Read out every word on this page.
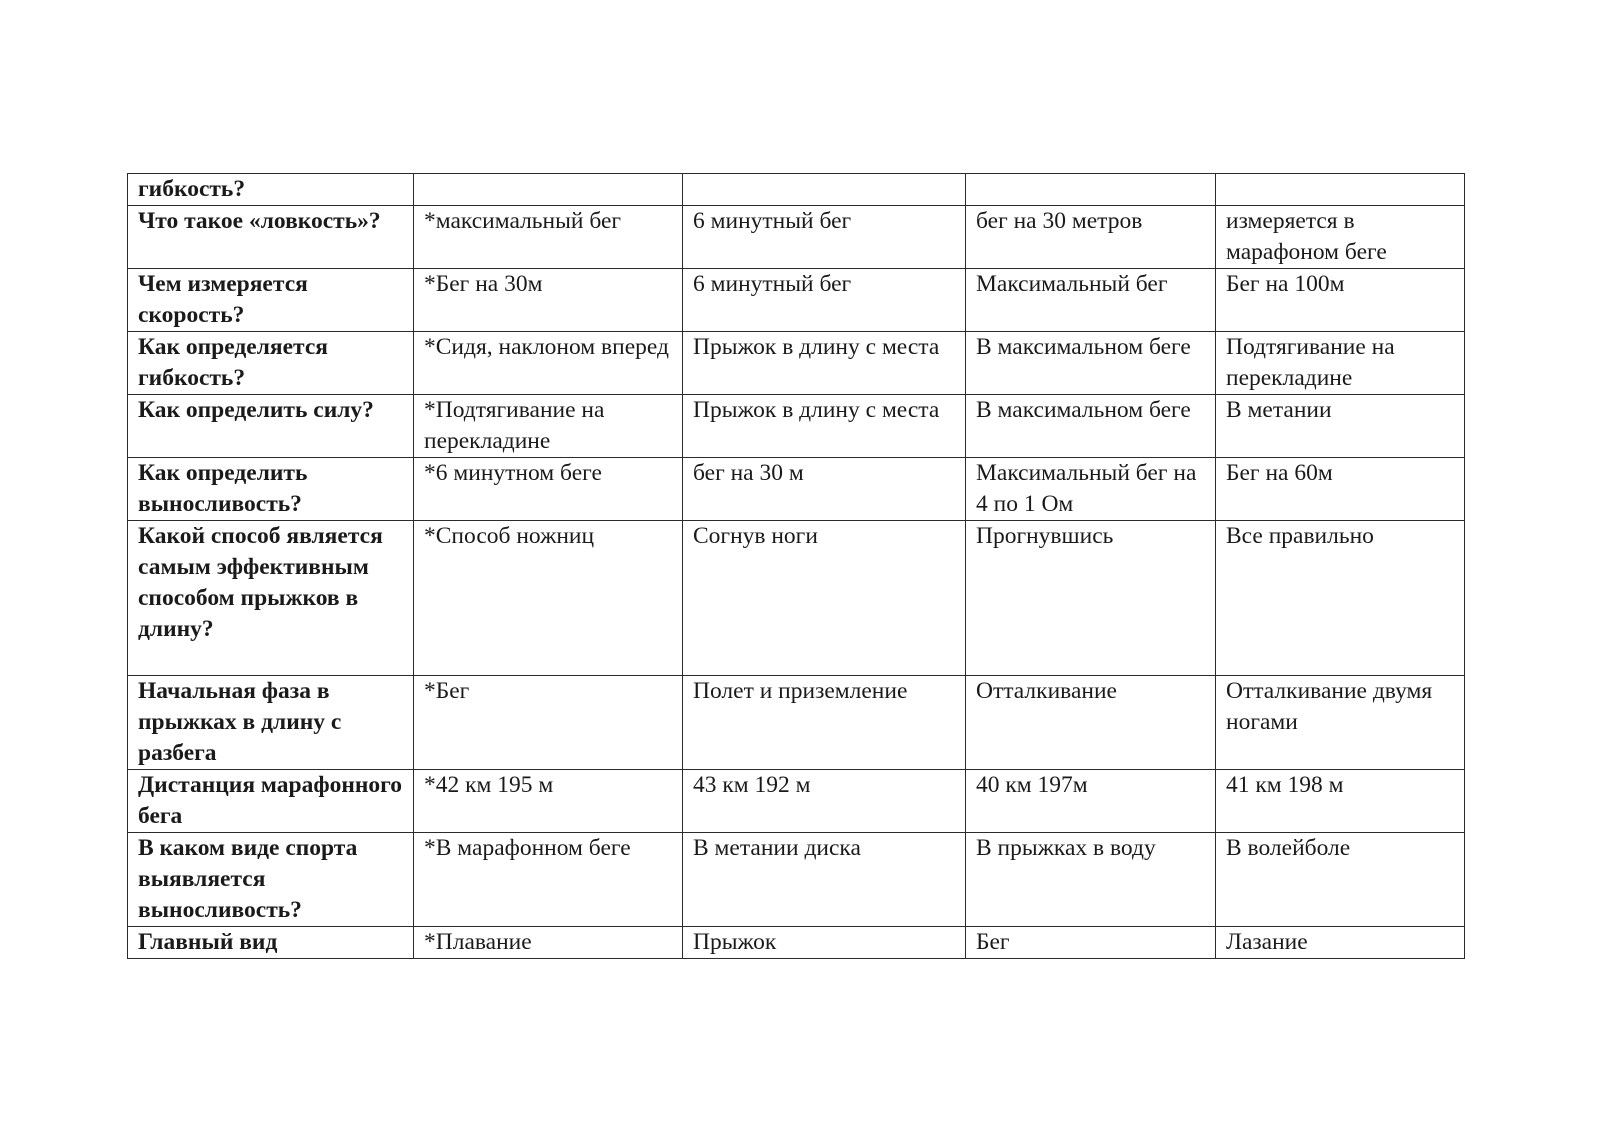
гибкость?				
Что такое «ловкость»?	*максимальный бег	6 минутный бег	бег на 30 метров	измеряется в марафоном беге
Чем измеряется скорость?	*Бег на 30м	6 минутный бег	Максимальный бег	Бег на 100м
Как определяется гибкость?	*Сидя, наклоном вперед	Прыжок в длину с места	В максимальном беге	Подтягивание на перекладине
Как определить силу?	*Подтягивание на перекладине	Прыжок в длину с места	В максимальном беге	В метании
Как определить выносливость?	*6 минутном беге	бег на 30 м	Максимальный бег на 4 по 1 Ом	Бег на 60м
Какой способ является самым эффективным способом прыжков в длину?	*Способ ножниц	Согнув ноги	Прогнувшись	Все правильно
Начальная фаза в прыжках в длину с разбега	*Бег	Полет и приземление	Отталкивание	Отталкивание двумя ногами
Дистанция марафонного бега	*42 км 195 м	43 км 192 м	40 км 197м	41 км 198 м
В каком виде спорта выявляется выносливость?	*В марафонном беге	В метании диска	В прыжках в воду	В волейболе
Главный вид	*Плавание	Прыжок	Бег	Лазание
